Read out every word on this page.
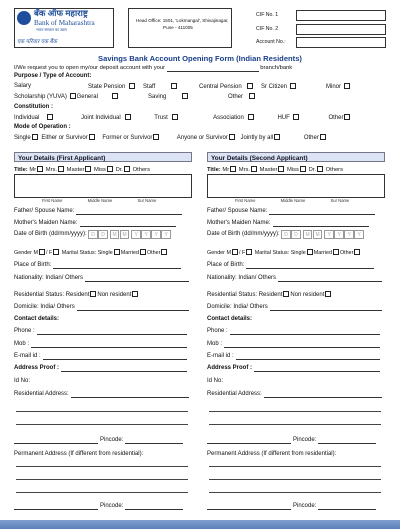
बँक ऑफ महाराष्ट्र
Bank of Maharashtra
भारत सरकार का उद्यम
एक परिवार एक बैंक
Head Office: 1501, 'Lokmangal', Shivajinagar,
Pune - 411005
CIF No. 1
CIF No. 2
Account No.:
Savings Bank Account Opening Form (Indian Residents)
I/We request you to open my/our deposit account with your	branch/bank
Purpose / Type of Account:
Salary	State Pension	Staff	Central Pension	Sr Citizen	Minor
Scholarship (YUVA) General	Saving	Other
Constitution :
Individual	Joint Individual	Trust	Association	HUF	Other
Mode of Operation :
Single Either or Survivor Former or Survivor	Anyone or Survivor Jointly by all	Other
Your Details (First Applicant)
Title: Mr Mrs. Master Miss Dr. Others
First Name	Middle Name	Sur Name
Father/ Spouse Name:
Mother's Maiden Name:
Date of Birth (dd/mm/yyyy): D D M M Y Y Y Y
Gender M / F Marital Status: Single Married Other
Place of Birth:
Nationality: Indian/ Others
Residential Status: Resident Non resident
Domicile: India/ Others
Contact details:
Phone :
Mob :
E-mail id :
Address Proof :
Id No:
Residential Address:
Pincode:
Permanent Address (If different from residential):
Pincode:
Your Details (Second Applicant)
Title: Mr Mrs. Master Miss Dr. Others
First Name	Middle Name	Sur Name
Father/ Spouse Name:
Mother's Maiden Name:
Date of Birth (dd/mm/yyyy): D D M M Y Y Y Y
Gender M / F Marital Status: Single Married Other
Place of Birth:
Nationality: Indian/ Others
Residential Status: Resident Non resident
Domicile: India/ Others
Contact details:
Phone :
Mob :
E-mail id :
Address Proof :
Id No:
Residential Address:
Pincode:
Permanent Address (If different from residential):
Pincode:
